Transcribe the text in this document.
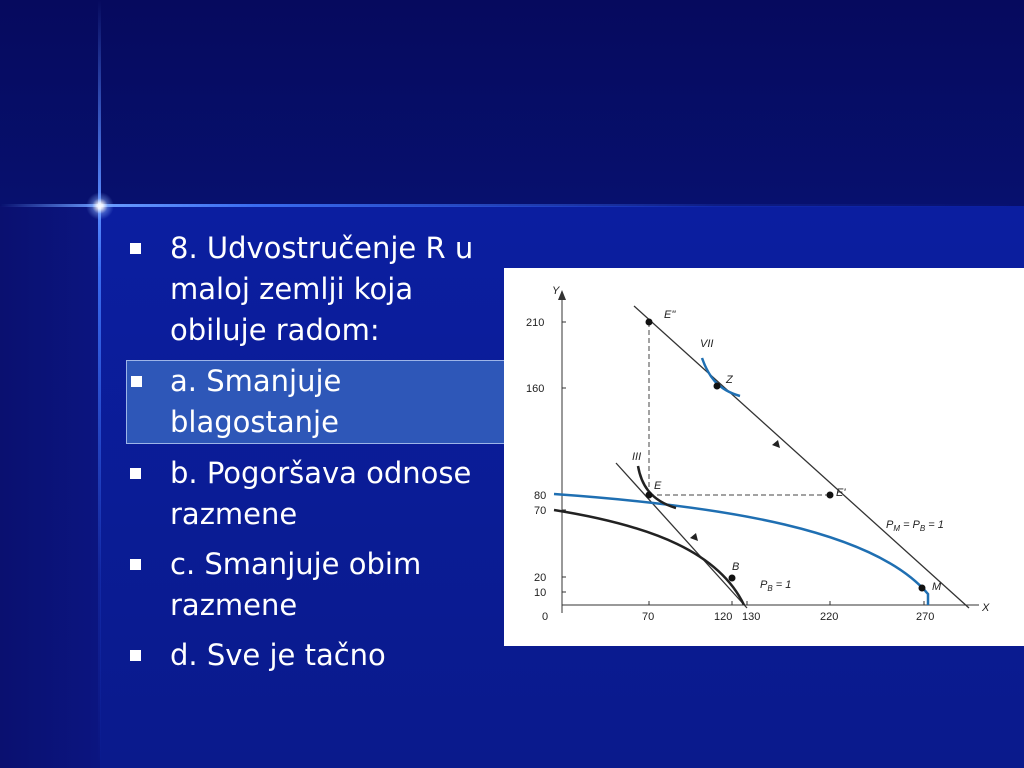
8. Udvostručenje R u maloj zemlji koja obiluje radom:
a. Smanjuje blagostanje
b. Pogoršava odnose razmene
c. Smanjuje obim razmene
d. Sve je tačno
Y
X
0
210
160
80
70
20
10
70	120 130	220	270
E''
Z
E
E'
B
M
VII
III
$P_M = P_B = 1$
$P_B = 1$
